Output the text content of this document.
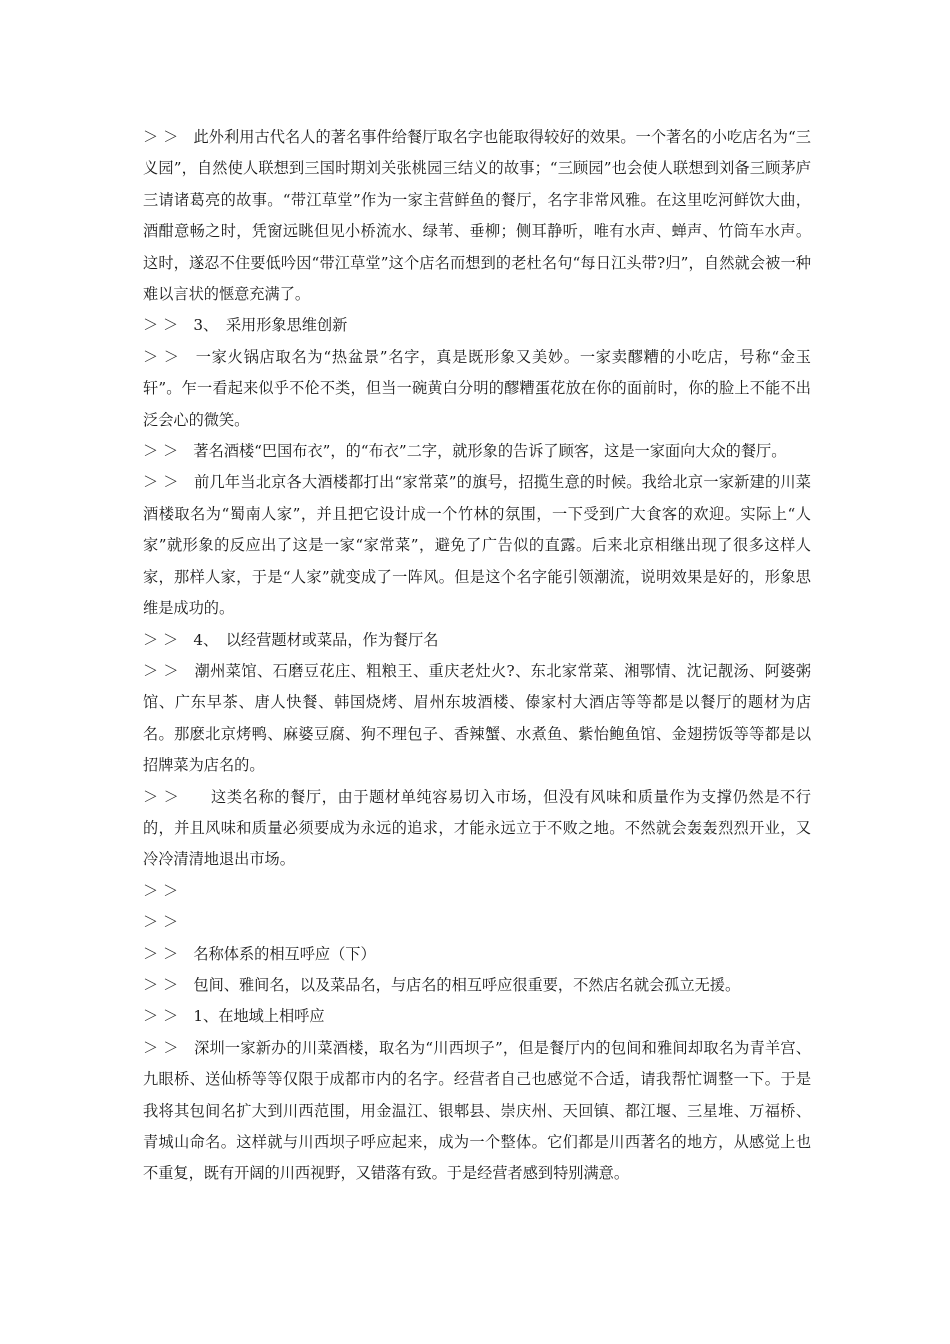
＞ ＞　此外利用古代名人的著名事件给餐厅取名字也能取得较好的效果。一个著名的小吃店名为“三义园”，自然使人联想到三国时期刘关张桃园三结义的故事；“三顾园”也会使人联想到刘备三顾茅庐三请诸葛亮的故事。“带江草堂”作为一家主营鲜鱼的餐厅，名字非常风雅。在这里吃河鲜饮大曲，酒酣意畅之时，凭窗远眺但见小桥流水、绿苇、垂柳；侧耳静听，唯有水声、蝉声、竹筒车水声。这时，遂忍不住要低吟因“带江草堂”这个店名而想到的老杜名句“每日江头带?归”，自然就会被一种难以言状的惬意充满了。

＞ ＞　3、　采用形象思维创新

＞ ＞　一家火锅店取名为“热盆景”名字，真是既形象又美妙。一家卖醪糟的小吃店，号称“金玉轩”。乍一看起来似乎不伦不类，但当一碗黄白分明的醪糟蛋花放在你的面前时，你的脸上不能不出泛会心的微笑。

＞ ＞　著名酒楼“巴国布衣”，的“布衣”二字，就形象的告诉了顾客，这是一家面向大众的餐厅。

＞ ＞　前几年当北京各大酒楼都打出“家常菜”的旗号，招揽生意的时候。我给北京一家新建的川菜酒楼取名为“蜀南人家”，并且把它设计成一个竹林的氛围，一下受到广大食客的欢迎。实际上“人家”就形象的反应出了这是一家“家常菜”，避免了广告似的直露。后来北京相继出现了很多这样人家，那样人家，于是“人家”就变成了一阵风。但是这个名字能引领潮流，说明效果是好的，形象思维是成功的。

＞ ＞　4、　以经营题材或菜品，作为餐厅名

＞ ＞　潮州菜馆、石磨豆花庄、粗粮王、重庆老灶火?、东北家常菜、湘鄂情、沈记靓汤、阿婆粥馆、广东早茶、唐人快餐、韩国烧烤、眉州东坡酒楼、傣家村大酒店等等都是以餐厅的题材为店名。那麽北京烤鸭、麻婆豆腐、狗不理包子、香辣蟹、水煮鱼、紫怡鲍鱼馆、金翅捞饭等等都是以招牌菜为店名的。

＞ ＞　　这类名称的餐厅，由于题材单纯容易切入市场，但没有风味和质量作为支撑仍然是不行的，并且风味和质量必须要成为永远的追求，才能永远立于不败之地。不然就会轰轰烈烈开业，又冷冷清清地退出市场。

＞ ＞

＞ ＞

＞ ＞　名称体系的相互呼应（下）

＞ ＞　包间、雅间名，以及菜品名，与店名的相互呼应很重要，不然店名就会孤立无援。

＞ ＞　1、在地域上相呼应

＞ ＞　深圳一家新办的川菜酒楼，取名为“川西坝子”，但是餐厅内的包间和雅间却取名为青羊宫、九眼桥、送仙桥等等仅限于成都市内的名字。经营者自己也感觉不合适，请我帮忙调整一下。于是我将其包间名扩大到川西范围，用金温江、银郫县、崇庆州、天回镇、都江堰、三星堆、万福桥、青城山命名。这样就与川西坝子呼应起来，成为一个整体。它们都是川西著名的地方，从感觉上也不重复，既有开阔的川西视野，又错落有致。于是经营者感到特别满意。
